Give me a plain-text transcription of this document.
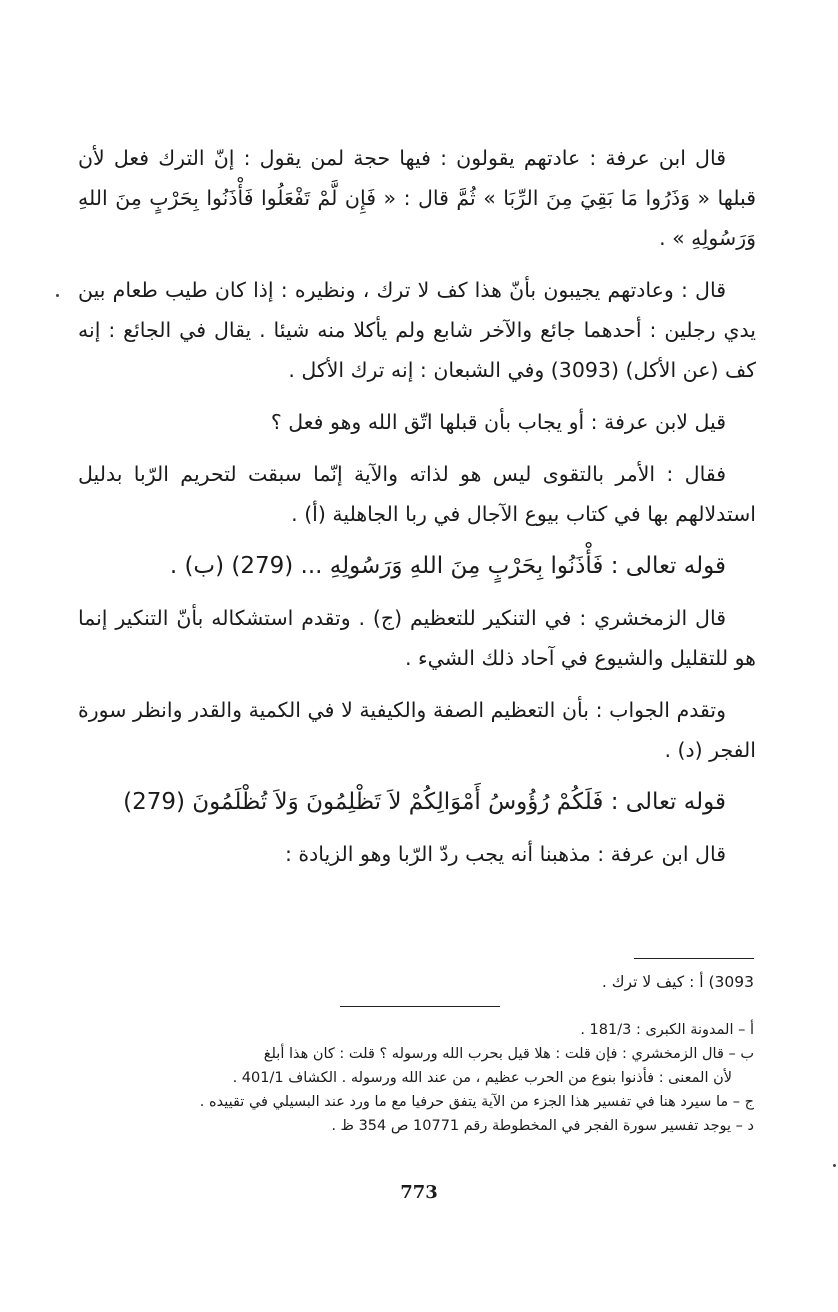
قال ابن عرفة : عادتهم يقولون : فيها حجة لمن يقول : إنّ الترك فعل لأن قبلها « وَذَرُوا مَا بَقِيَ مِنَ الرِّبَا » ثُمَّ قال : « فَإِن لَّمْ تَفْعَلُوا فَأْذَنُوا بِحَرْبٍ مِنَ اللهِ وَرَسُولِهِ » .

قال : وعادتهم يجيبون بأنّ هذا كف لا ترك ، ونظيره : إذا كان طيب طعام بين يدي رجلين : أحدهما جائع والآخر شابع ولم يأكلا منه شيئا . يقال في الجائع : إنه كف (عن الأكل) (3093) وفي الشبعان : إنه ترك الأكل .

قيل لابن عرفة : أو يجاب بأن قبلها اتّق الله وهو فعل ؟

فقال : الأمر بالتقوى ليس هو لذاته والآية إنّما سبقت لتحريم الرّبا بدليل استدلالهم بها في كتاب بيوع الآجال في ربا الجاهلية (أ) .

قوله تعالى : فَأْذَنُوا بِحَرْبٍ مِنَ اللهِ وَرَسُولِهِ ... (279) (ب) .

قال الزمخشري : في التنكير للتعظيم (ج) . وتقدم استشكاله بأنّ التنكير إنما هو للتقليل والشيوع في آحاد ذلك الشيء .

وتقدم الجواب : بأن التعظيم الصفة والكيفية لا في الكمية والقدر وانظر سورة الفجر (د) .

قوله تعالى : فَلَكُمْ رُؤُوسُ أَمْوَالِكُمْ لاَ تَظْلِمُونَ وَلاَ تُظْلَمُونَ (279)

قال ابن عرفة : مذهبنا أنه يجب ردّ الرّبا وهو الزيادة :

3093) أ : كيف لا ترك .
أ – المدونة الكبرى : 181/3 .
ب – قال الزمخشري : فإن قلت : هلا قيل بحرب الله ورسوله ؟ قلت : كان هذا أبلغ
لأن المعنى : فأذنوا بنوع من الحرب عظيم ، من عند الله ورسوله . الكشاف 401/1 .
ج – ما سيرد هنا في تفسير هذا الجزء من الآية يتفق حرفيا مع ما ورد عند البسيلي في تقييده .
د – يوجد تفسير سورة الفجر في المخطوطة رقم 10771 ص 354 ظ .
773
